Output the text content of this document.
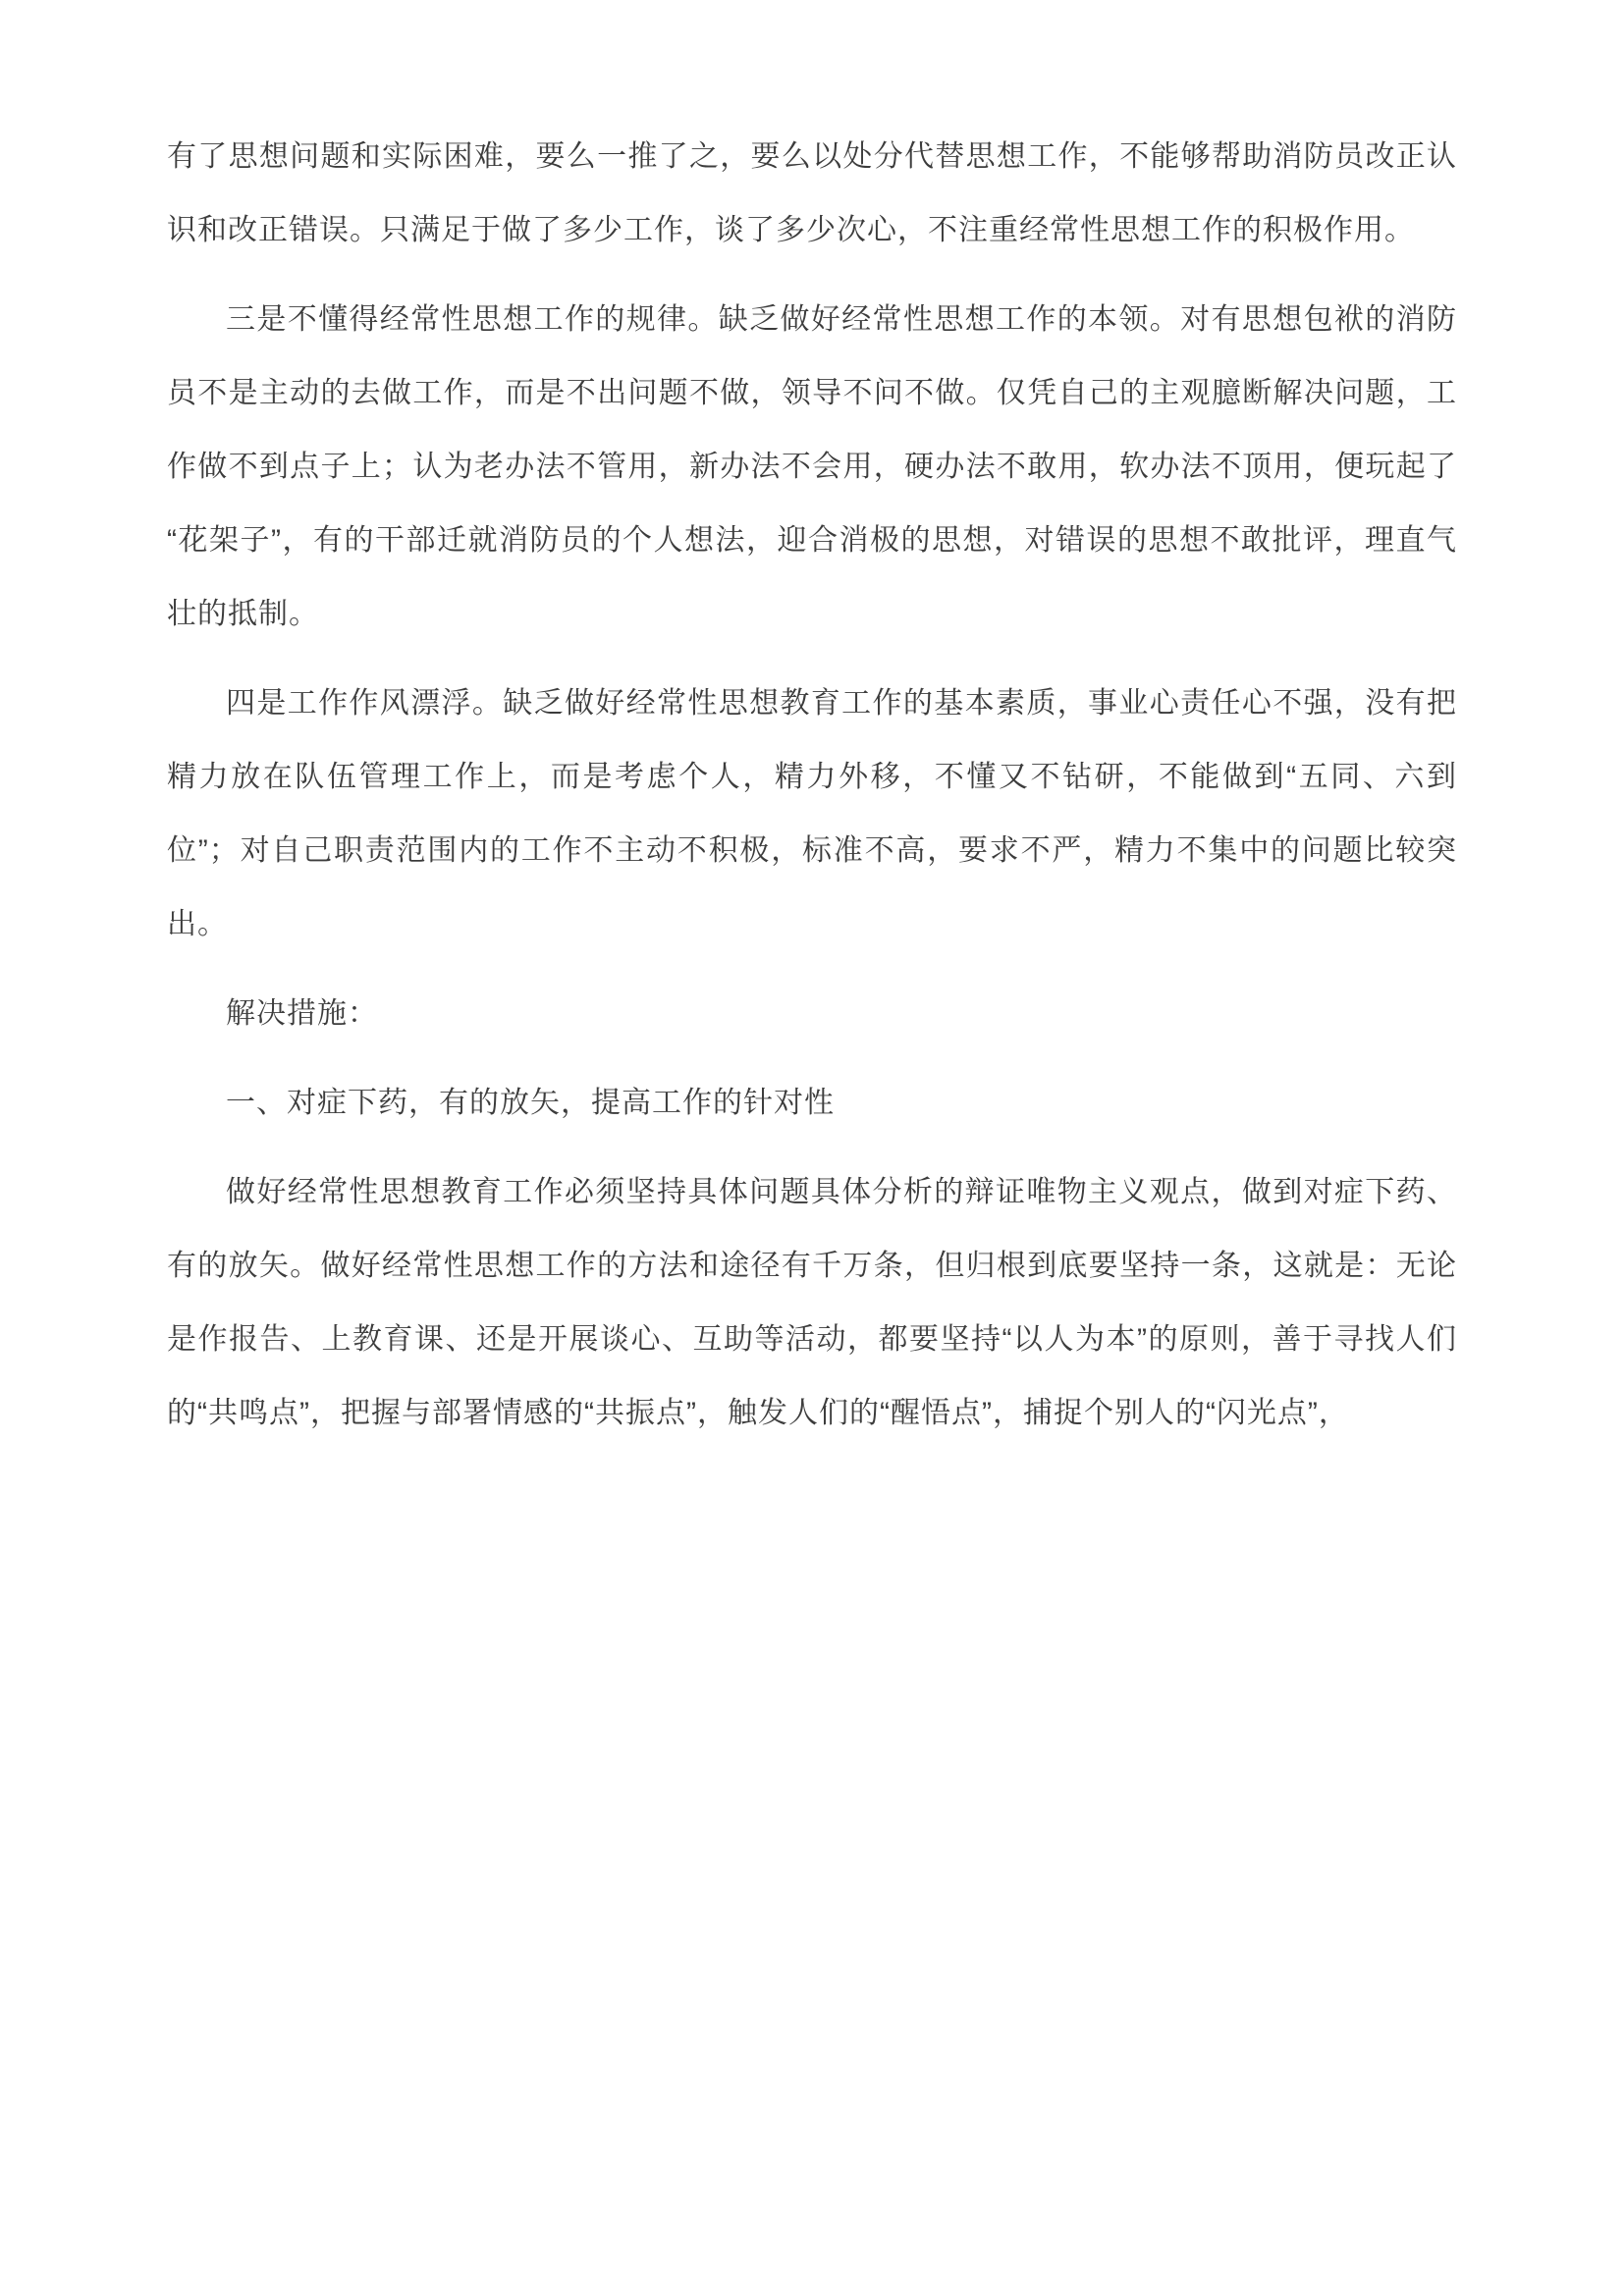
有了思想问题和实际困难，要么一推了之，要么以处分代替思想工作，不能够帮助消防员改正认识和改正错误。只满足于做了多少工作，谈了多少次心，不注重经常性思想工作的积极作用。

三是不懂得经常性思想工作的规律。缺乏做好经常性思想工作的本领。对有思想包袱的消防员不是主动的去做工作，而是不出问题不做，领导不问不做。仅凭自己的主观臆断解决问题，工作做不到点子上；认为老办法不管用，新办法不会用，硬办法不敢用，软办法不顶用，便玩起了“花架子”，有的干部迁就消防员的个人想法，迎合消极的思想，对错误的思想不敢批评，理直气壮的抵制。

四是工作作风漂浮。缺乏做好经常性思想教育工作的基本素质，事业心责任心不强，没有把精力放在队伍管理工作上，而是考虑个人，精力外移，不懂又不钻研，不能做到“五同、六到位”；对自己职责范围内的工作不主动不积极，标准不高，要求不严，精力不集中的问题比较突出。

解决措施：

一、对症下药，有的放矢，提高工作的针对性

做好经常性思想教育工作必须坚持具体问题具体分析的辩证唯物主义观点，做到对症下药、有的放矢。做好经常性思想工作的方法和途径有千万条，但归根到底要坚持一条，这就是：无论是作报告、上教育课、还是开展谈心、互助等活动，都要坚持“以人为本”的原则，善于寻找人们的“共鸣点”，把握与部署情感的“共振点”，触发人们的“醒悟点”，捕捉个别人的“闪光点”，
